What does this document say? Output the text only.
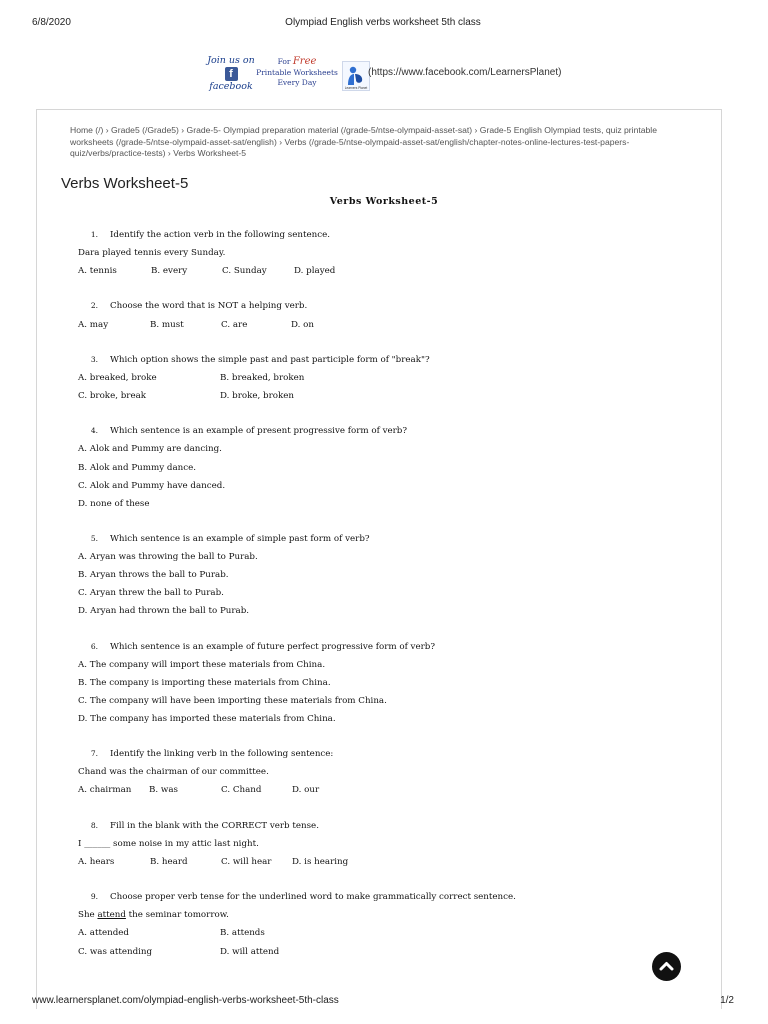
6/8/2020	Olympiad English verbs worksheet 5th class
Join us on
f
facebook
For Free
Printable Worksheets
Every Day
Learners Planet
(https://www.facebook.com/LearnersPlanet)
Home (/) › Grade5 (/Grade5) › Grade-5- Olympiad preparation material (/grade-5/ntse-olympaid-asset-sat) › Grade-5 English Olympiad tests, quiz printable worksheets (/grade-5/ntse-olympaid-asset-sat/english) › Verbs (/grade-5/ntse-olympaid-asset-sat/english/chapter-notes-online-lectures-test-papers-quiz/verbs/practice-tests) › Verbs Worksheet-5
Verbs Worksheet-5
Verbs Worksheet-5
1. Identify the action verb in the following sentence.
Dara played tennis every Sunday.
A. tennis	B. every	C. Sunday	D. played
2. Choose the word that is NOT a helping verb.
A. may	B. must	C. are	D. on
3. Which option shows the simple past and past participle form of "break"?
A. breaked, broke	B. breaked, broken
C. broke, break	D. broke, broken
4. Which sentence is an example of present progressive form of verb?
A. Alok and Pummy are dancing.
B. Alok and Pummy dance.
C. Alok and Pummy have danced.
D. none of these
5. Which sentence is an example of simple past form of verb?
A. Aryan was throwing the ball to Purab.
B. Aryan throws the ball to Purab.
C. Aryan threw the ball to Purab.
D. Aryan had thrown the ball to Purab.
6. Which sentence is an example of future perfect progressive form of verb?
A. The company will import these materials from China.
B. The company is importing these materials from China.
C. The company will have been importing these materials from China.
D. The company has imported these materials from China.
7. Identify the linking verb in the following sentence:
Chand was the chairman of our committee.
A. chairman	B. was	C. Chand	D. our
8. Fill in the blank with the CORRECT verb tense.
I ______ some noise in my attic last night.
A. hears	B. heard	C. will hear	D. is hearing
9. Choose proper verb tense for the underlined word to make grammatically correct sentence.
She attend the seminar tomorrow.
A. attended	B. attends
C. was attending	D. will attend
www.learnersplanet.com/olympiad-english-verbs-worksheet-5th-class	1/2
